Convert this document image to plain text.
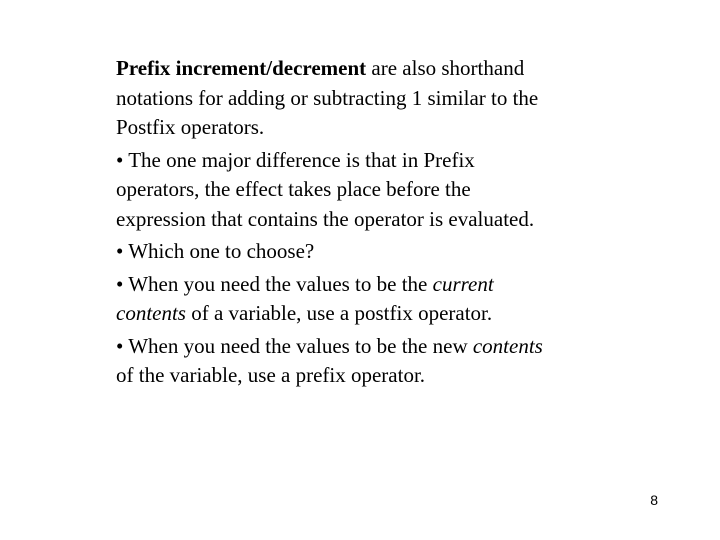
Prefix increment/decrement are also shorthand
notations for adding or subtracting 1 similar to the
Postfix operators.

• The one major difference is that in Prefix
operators, the effect takes place before the
expression that contains the operator is evaluated.

• Which one to choose?

• When you need the values to be the current
contents of a variable, use a postfix operator.

• When you need the values to be the new contents
of the variable, use a prefix operator.

8
